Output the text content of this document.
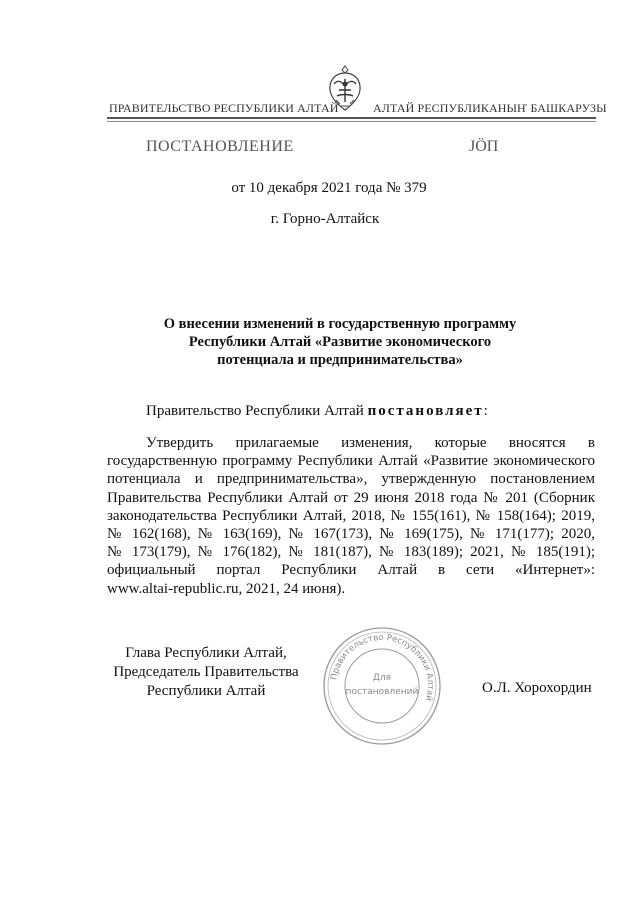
ПРАВИТЕЛЬСТВО РЕСПУБЛИКИ АЛТАЙ	АЛТАЙ РЕСПУБЛИКАНЫҤ БАШКАРУЗЫ
ПОСТАНОВЛЕНИЕ	JӦП
от 10 декабря 2021 года № 379
г. Горно-Алтайск
О внесении изменений в государственную программу
Республики Алтай «Развитие экономического
потенциала и предпринимательства»
Правительство Республики Алтай постановляет:
Утвердить прилагаемые изменения, которые вносятся в
государственную программу Республики Алтай «Развитие экономического
потенциала и предпринимательства», утвержденную постановлением
Правительства Республики Алтай от 29 июня 2018 года № 201 (Сборник
законодательства Республики Алтай, 2018, № 155(161), № 158(164); 2019,
№ 162(168), № 163(169), № 167(173), № 169(175), № 171(177); 2020,
№ 173(179), № 176(182), № 181(187), № 183(189); 2021, № 185(191);
официальный портал Республики Алтай в сети «Интернет»:
www.altai-republic.ru, 2021, 24 июня).
Глава Республики Алтай,
Председатель Правительства
Республики Алтай
Правительство Республики Алтай
Для
постановлений	О.Л. Хорохордин
